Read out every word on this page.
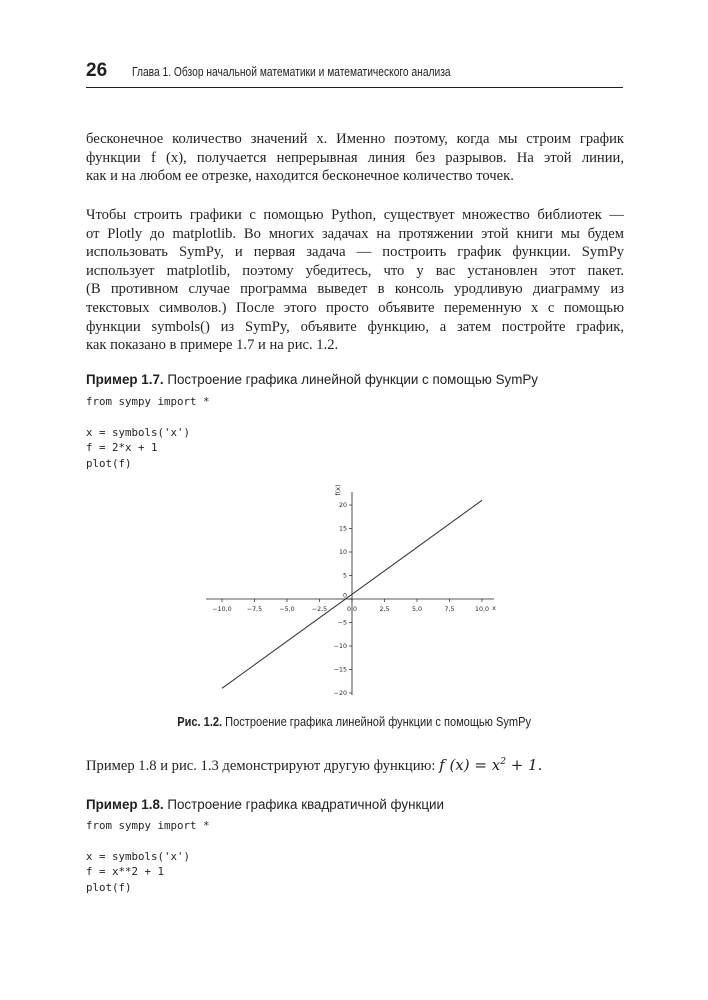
26 Глава 1. Обзор начальной математики и математического анализа

бесконечное количество значений x. Именно поэтому, когда мы строим график
функции f (x), получается непрерывная линия без разрывов. На этой линии,
как и на любом ее отрезке, находится бесконечное количество точек.

Чтобы строить графики с помощью Python, существует множество библиотек —
от Plotly до matplotlib. Во многих задачах на протяжении этой книги мы будем
использовать SymPy, и первая задача — построить график функции. SymPy
использует matplotlib, поэтому убедитесь, что у вас установлен этот пакет.
(В противном случае программа выведет в консоль уродливую диаграмму из
текстовых символов.) После этого просто объявите переменную x с помощью
функции symbols() из SymPy, объявите функцию, а затем постройте график,
как показано в примере 1.7 и на рис. 1.2.

Пример 1.7. Построение графика линейной функции с помощью SymPy
from sympy import *

x = symbols('x')
f = 2*x + 1
plot(f)
−10,0 −7,5	−5,0	−2,5	0,0	2,5	5,0	7,5	10,0
−20
−15
−10
−5
0
5
10
15
20
x
f(x)
Рис. 1.2. Построение графика линейной функции с помощью SymPy
Пример 1.8 и рис. 1.3 демонстрируют другую функцию: f $(x) = x^2 + 1$.
Пример 1.8. Построение графика квадратичной функции
from sympy import *

x = symbols('x')
f = x**2 + 1
plot(f)
